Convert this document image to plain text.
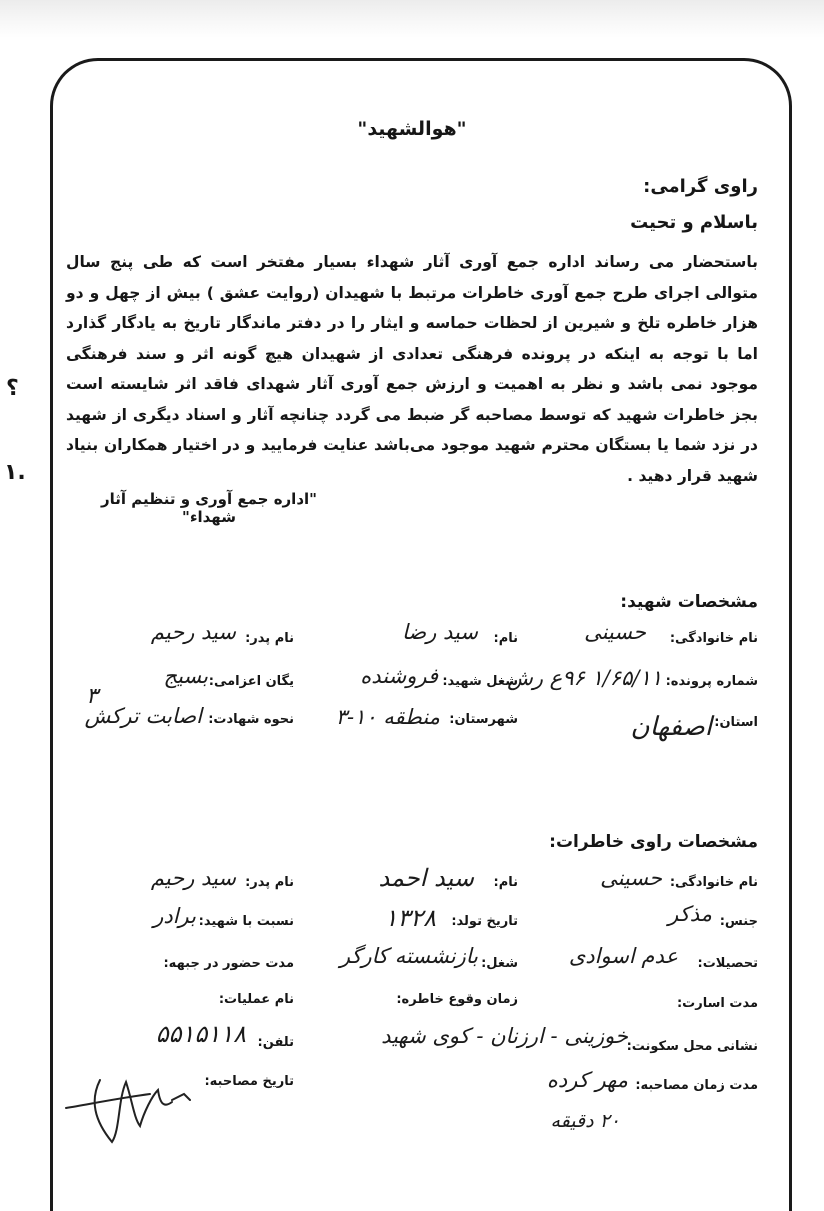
؟
۱.
"هوالشهید"
راوی گرامی:
باسلام و تحیت
باستحضار می رساند اداره جمع آوری آثار شهداء بسیار مفتخر است که طی پنج سال متوالی اجرای طرح جمع آوری خاطرات مرتبط با شهیدان (روایت عشق ) بیش از چهل و دو هزار خاطره تلخ و شیرین از لحظات حماسه و ایثار را در دفتر ماندگار تاریخ به یادگار گذارد اما با توجه به اینکه در پرونده فرهنگی تعدادی از شهیدان هیچ گونه اثر و سند فرهنگی موجود نمی باشد و نظر به اهمیت و ارزش جمع آوری آثار شهدای فاقد اثر شایسته است بجز خاطرات شهید که توسط مصاحبه گر ضبط می گردد چنانچه آثار و اسناد دیگری از شهید در نزد شما یا بستگان محترم شهید موجود می‌باشد عنایت فرمایید و در اختیار همکاران بنیاد شهید قرار دهید .
"اداره جمع آوری و تنظیم آثار شهداء"
مشخصات شهید:
نام خانوادگی:
حسینی
نام:
سید رضا
نام پدر:
سید رحیم
شماره پرونده:
۱/۶۵/۱۱ ۹۶ع رش
شغل شهید:
فروشنده
یگان اعزامی:
بسیج
۳
استان:
اصفهان
شهرستان:
منطقه ۱۰-۳
نحوه شهادت:
اصابت ترکش
مشخصات راوی خاطرات:
نام خانوادگی:
حسینی
نام:
سید احمد
نام پدر:
سید رحیم
جنس:
مذکر
تاریخ تولد:
۱۳۲۸
نسبت با شهید:
برادر
تحصیلات:
عدم اسوادی
شغل:
بازنشسته کارگر
مدت حضور در جبهه:
مدت اسارت:
زمان وقوع خاطره:
نام عملیات:
نشانی محل سکونت:
خوزینی - ارزنان - کوی شهید
تلفن:
۵۵۱۵۱۱۸
مدت زمان مصاحبه:
مهر کرده
۲۰ دقیقه
تاریخ مصاحبه:
